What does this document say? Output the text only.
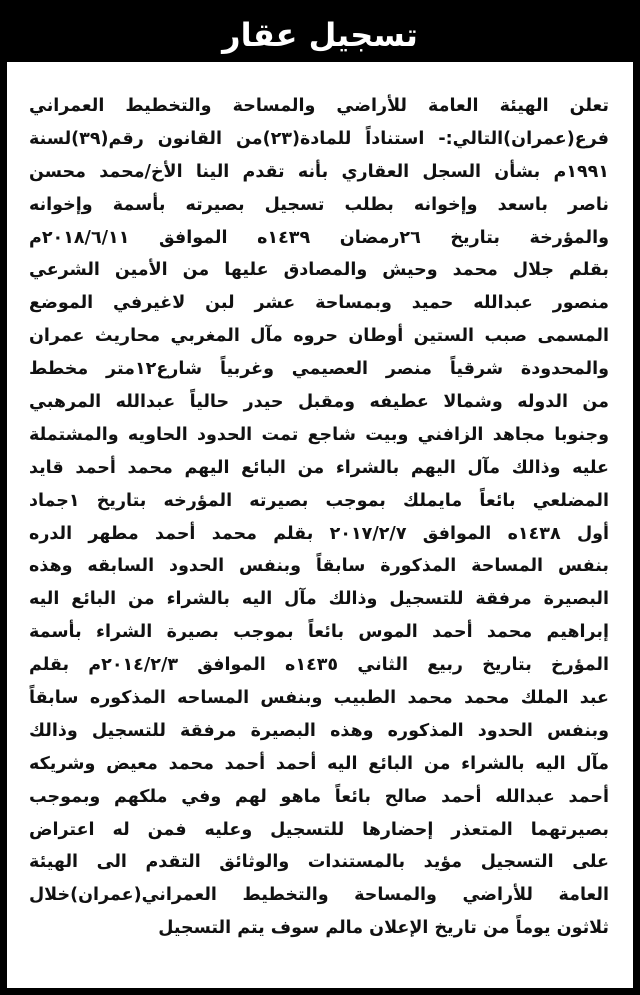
تسجيل عقار
تعلن الهيئة العامة للأراضي والمساحة والتخطيط العمراني
فرع(عمران)التالي:- استناداً للمادة(٢٣)من القانون رقم(٣٩)لسنة
١٩٩١م بشأن السجل العقاري بأنه تقدم الينا الأخ/محمد محسن
ناصر باسعد وإخوانه بطلب تسجيل بصيرته بأسمة وإخوانه
والمؤرخة بتاريخ ٢٦رمضان ١٤٣٩ه الموافق ٢٠١٨/٦/١١م
بقلم جلال محمد وحيش والمصادق عليها من الأمين الشرعي
منصور عبدالله حميد وبمساحة عشر لبن لاغيرفي الموضع
المسمى صبب الستين أوطان حروه مآل المغربي محاريث عمران
والمحدودة شرقياً منصر العصيمي وغربياً شارع١٢متر مخطط
من الدوله وشمالا عطيفه ومقبل حيدر حالياً عبدالله المرهبي
وجنوبا مجاهد الزافني وبيت شاجع تمت الحدود الحاويه والمشتملة
عليه وذالك مآل اليهم بالشراء من البائع اليهم محمد أحمد قايد
المضلعي بائعاً مايملك بموجب بصيرته المؤرخه بتاريخ ١جماد
أول ١٤٣٨ه الموافق ٢٠١٧/٢/٧ بقلم محمد أحمد مطهر الدره
بنفس المساحة المذكورة سابقاً وبنفس الحدود السابقه وهذه
البصيرة مرفقة للتسجيل وذالك مآل اليه بالشراء من البائع اليه
إبراهيم محمد أحمد الموس بائعاً بموجب بصيرة الشراء بأسمة
المؤرخ بتاريخ ربيع الثاني ١٤٣٥ه الموافق ٢٠١٤/٢/٣م بقلم
عبد الملك محمد محمد الطبيب وبنفس المساحه المذكوره سابقاً
وبنفس الحدود المذكوره وهذه البصيرة مرفقة للتسجيل وذالك
مآل اليه بالشراء من البائع اليه أحمد أحمد محمد معيض وشريكه
أحمد عبدالله أحمد صالح بائعاً ماهو لهم وفي ملكهم وبموجب
بصيرتهما المتعذر إحضارها للتسجيل وعليه فمن له اعتراض
على التسجيل مؤيد بالمستندات والوثائق التقدم الى الهيئة
العامة للأراضي والمساحة والتخطيط العمراني(عمران)خلال
ثلاثون يوماً من تاريخ الإعلان مالم سوف يتم التسجيل
